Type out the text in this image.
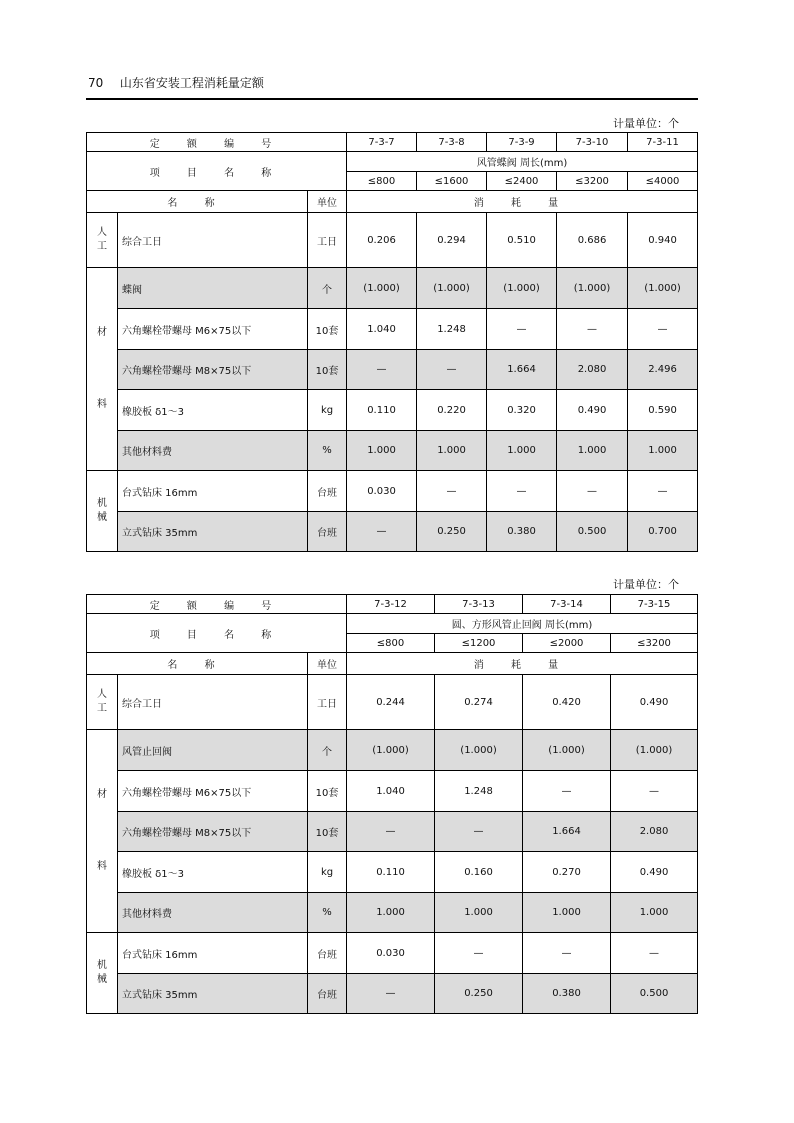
70 山东省安装工程消耗量定额
计量单位：个
定 额 编 号			7-3-7	7-3-8	7-3-9	7-3-10	7-3-11
项 目 名 称			风管蝶阀 周长(mm)				
			≤800	≤1600	≤2400	≤3200	≤4000
名 称		单位	消 耗 量				
人工	综合工日	工日	0.206	0.294	0.510	0.686	0.940

材
料	蝶阀	个	(1.000)	(1.000)	(1.000)	(1.000)	(1.000)
	六角螺栓带螺母 M6×75以下	10套	1.040	1.248	—	—	—
	六角螺栓带螺母 M8×75以下	10套	—	—	1.664	2.080	2.496
	橡胶板 δ1～3	kg	0.110	0.220	0.320	0.490	0.590
	其他材料费	%	1.000	1.000	1.000	1.000	1.000
机械	台式钻床 16mm	台班	0.030	—	—	—	—
	立式钻床 35mm	台班	—	0.250	0.380	0.500	0.700
计量单位：个
定 额 编 号			7-3-12	7-3-13	7-3-14	7-3-15
项 目 名 称			圆、方形风管止回阀 周长(mm)			
			≤800	≤1200	≤2000	≤3200
名 称		单位	消 耗 量			
人工	综合工日	工日	0.244	0.274	0.420	0.490

材
料	风管止回阀	个	(1.000)	(1.000)	(1.000)	(1.000)
	六角螺栓带螺母 M6×75以下	10套	1.040	1.248	—	—
	六角螺栓带螺母 M8×75以下	10套	—	—	1.664	2.080
	橡胶板 δ1～3	kg	0.110	0.160	0.270	0.490
	其他材料费	%	1.000	1.000	1.000	1.000
机械	台式钻床 16mm	台班	0.030	—	—	—
	立式钻床 35mm	台班	—	0.250	0.380	0.500
